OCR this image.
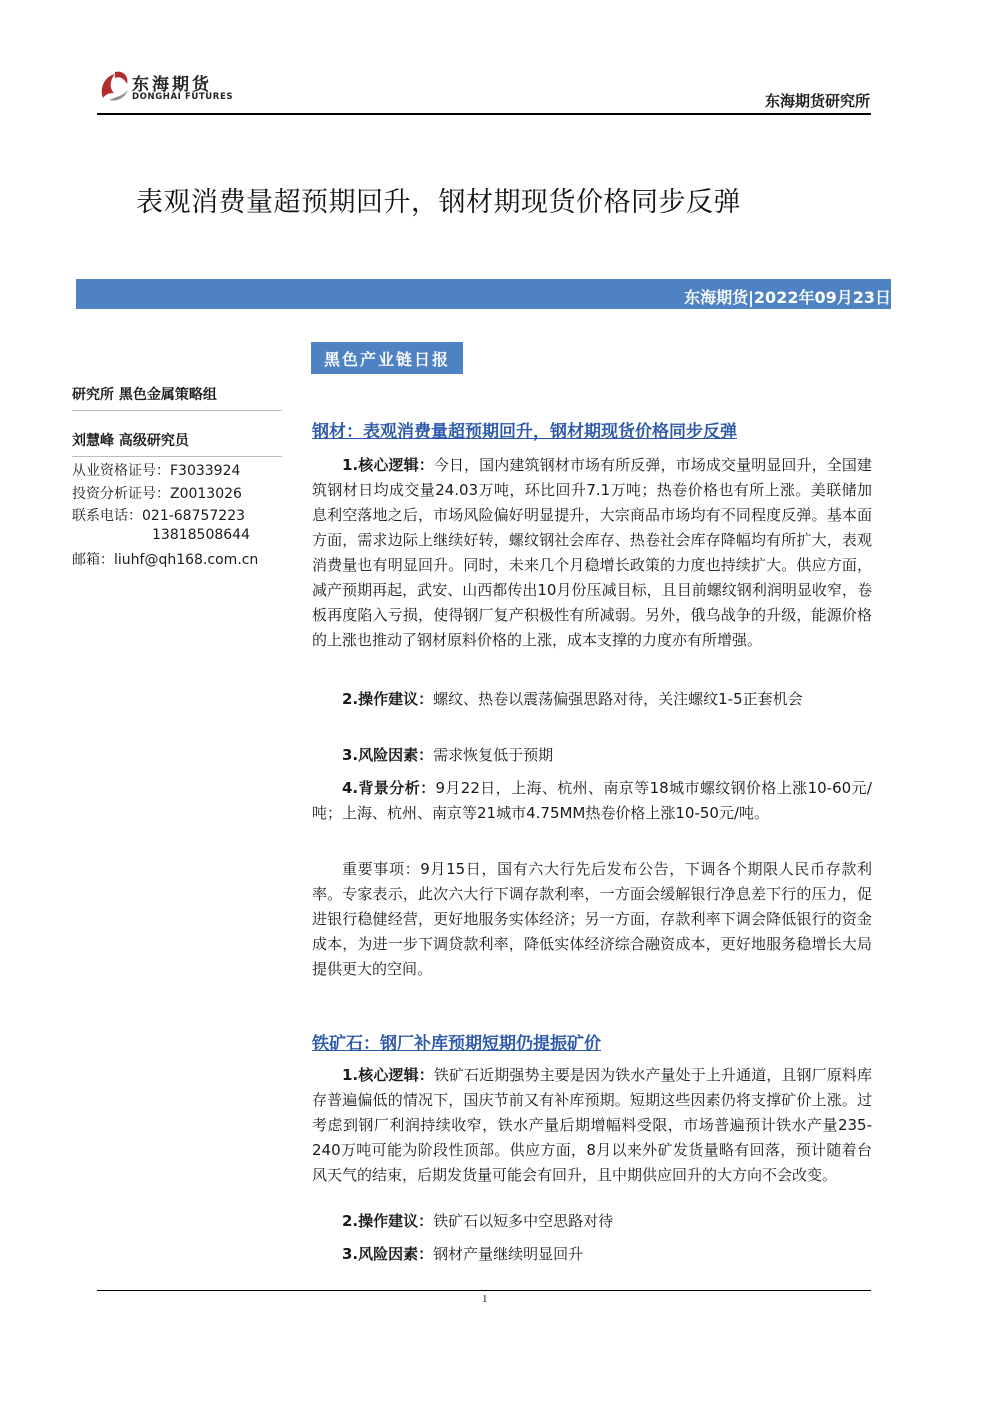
东海期货
DONGHAI FUTURES	东海期货研究所
表观消费量超预期回升，钢材期现货价格同步反弹
东海期货|2022年09月23日
黑色产业链日报
研究所 黑色金属策略组
刘慧峰 高级研究员
从业资格证号：F3033924
投资分析证号：Z0013026
联系电话：021-68757223
13818508644
邮箱：liuhf@qh168.com.cn
钢材：表观消费量超预期回升，钢材期现货价格同步反弹
1.核心逻辑：今日，国内建筑钢材市场有所反弹，市场成交量明显回升，全国建筑钢材日均成交量24.03万吨，环比回升7.1万吨；热卷价格也有所上涨。美联储加息利空落地之后，市场风险偏好明显提升，大宗商品市场均有不同程度反弹。基本面方面，需求边际上继续好转，螺纹钢社会库存、热卷社会库存降幅均有所扩大，表观消费量也有明显回升。同时，未来几个月稳增长政策的力度也持续扩大。供应方面，减产预期再起，武安、山西都传出10月份压减目标，且目前螺纹钢利润明显收窄，卷板再度陷入亏损，使得钢厂复产积极性有所减弱。另外，俄乌战争的升级，能源价格的上涨也推动了钢材原料价格的上涨，成本支撑的力度亦有所增强。
2.操作建议：螺纹、热卷以震荡偏强思路对待，关注螺纹1-5正套机会
3.风险因素：需求恢复低于预期
4.背景分析：9月22日，上海、杭州、南京等18城市螺纹钢价格上涨10-60元/吨；上海、杭州、南京等21城市4.75MM热卷价格上涨10-50元/吨。
重要事项：9月15日，国有六大行先后发布公告，下调各个期限人民币存款利率。专家表示，此次六大行下调存款利率，一方面会缓解银行净息差下行的压力，促进银行稳健经营，更好地服务实体经济；另一方面，存款利率下调会降低银行的资金成本，为进一步下调贷款利率，降低实体经济综合融资成本，更好地服务稳增长大局提供更大的空间。
铁矿石：钢厂补库预期短期仍提振矿价
1.核心逻辑：铁矿石近期强势主要是因为铁水产量处于上升通道，且钢厂原料库存普遍偏低的情况下，国庆节前又有补库预期。短期这些因素仍将支撑矿价上涨。过考虑到钢厂利润持续收窄，铁水产量后期增幅料受限，市场普遍预计铁水产量235-240万吨可能为阶段性顶部。供应方面，8月以来外矿发货量略有回落，预计随着台风天气的结束，后期发货量可能会有回升，且中期供应回升的大方向不会改变。
2.操作建议：铁矿石以短多中空思路对待
3.风险因素：钢材产量继续明显回升
1
